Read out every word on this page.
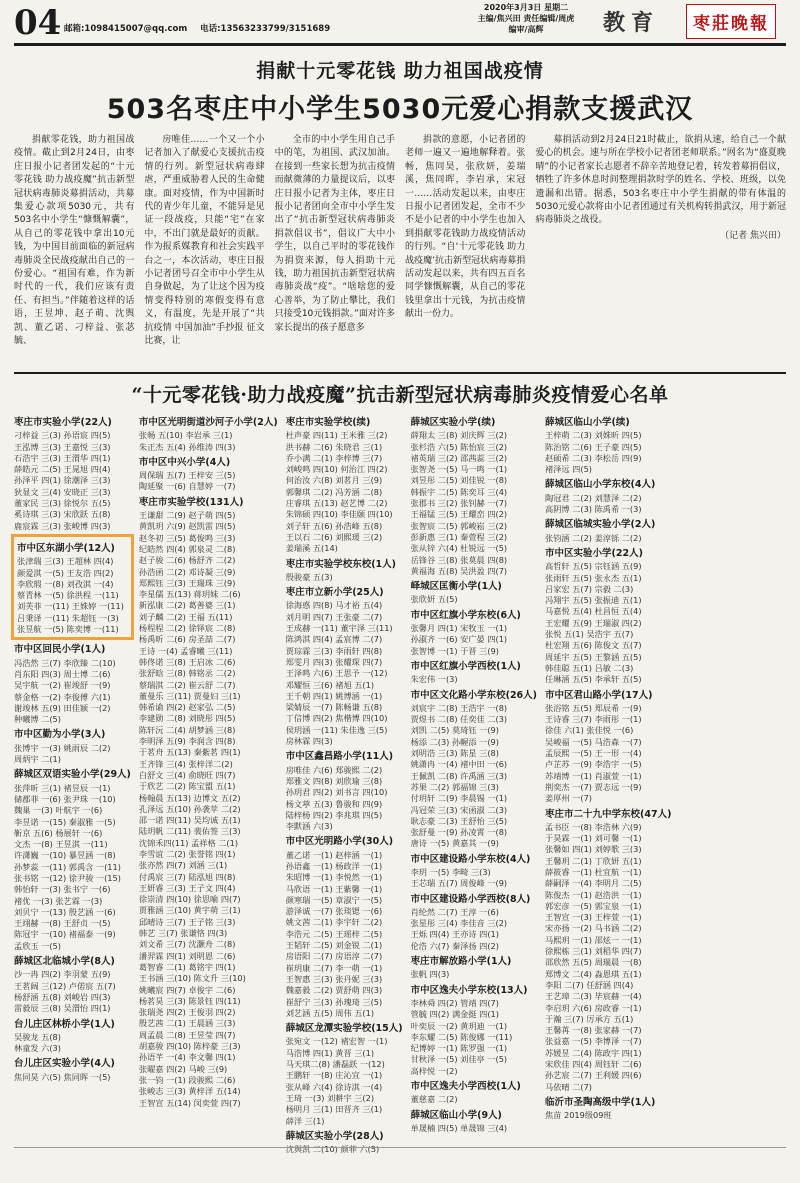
04 邮箱:1098415007@qq.com 电话:13563233799/3151689
2020年3月3日 星期二
主编/焦兴田 责任编辑/周虎
编审/高辉	教育	枣莊晚報
捐献十元零花钱 助力祖国战疫情
503名枣庄中小学生5030元爱心捐款支援武汉

捐献零花钱，助力祖国战疫情。截止到2月24日，由枣庄日报小记者团发起的“十元零花钱 助力战疫魔”抗击新型冠状病毒肺炎募捐活动，共募集爱心款项5030元，共有503名中小学生“慷慨解囊”，从自己的零花钱中拿出10元钱，为中国目前面临的新冠病毒肺炎全民战疫献出自己的一份爱心。“祖国有难，作为新时代的一代，我们应该有责任、有担当。”伴随着这样的话语，王昱坤、赵子萌、沈舆凯、董乙诺、刁梓益、张苾毓、

房唯佳……一个又一个小记者加入了献爱心支援抗击疫情的行列。新型冠状病毒肆虐，严重威胁着人民的生命健康。面对疫情，作为中国新时代的青少年儿童，不能异是见证一段战疫，只能“宅”在家中，不出门就是最好的贡献。作为报系媒教育和社会实践平台之一，本次活动，枣庄日报小记者团号召全市中小学生从自身做起，为了让这个因为疫情变得特别的寒假变得有意义，有温度，先是开展了“共抗疫情 中国加油”手抄报 征文比赛，让

全市的中小学生用自己手中的笔，为祖国、武汉加油。在接到一些家长想为抗击疫情而献微薄的力量提议后，以枣庄日报小记者为主体，枣庄日报小记者团向全市中小学生发出了“抗击新型冠状病毒肺炎捐款倡议书”，倡议广大中小学生，以自己平时的零花钱作为捐资来源，每人捐助十元钱，助力祖国抗击新型冠状病毒肺炎战“疫”。“啥啥您的爱心善举，为了防止攀比，我们只接受10元钱捐款。”面对许多家长提出的孩子愿意多

捐款的意愿，小记者团的老师一遍又一遍地解释着。张畅，焦同昊，张欣妍，姜瑞溪，焦同晖，李岩承，宋冠一……活动发起以来，由枣庄日报小记者团发起，全市不少不是小记者的中小学生也加入到捐献零花钱助力战疫情活动的行列。“自‘十元零花钱 助力战疫魔’抗击新型冠状病毒募捐活动发起以来，共有四五百名同学慷慨解囊，从自己的零花钱里拿出十元钱，为抗击疫情献出一份力。

募捐活动到2月24日21时截止，欲捐从速，给自己一个献爱心的机会。速与所在学校小记者团老师联系。”网名为“盛夏晚晴”的小记者家长志愿者不辞辛苦地登记着，转发着募捐倡议，牺牲了许多休息时间整理捐款时学的姓名、学校、班级，以免遗漏和出错。据悉，503名枣庄中小学生捐献的带有体温的5030元爱心款将由小记者团通过有关机构转捐武汉，用于新冠病毒肺炎之战役。

（记者 焦兴田）
“十元零花钱·助力战疫魔”抗击新型冠状病毒肺炎疫情爱心名单
枣庄市实验小学(22人)
刁梓益 三(3) 孙语宸 四(5)
王泓博 三(3) 王嘉悦 三(3)
石浩宇 三(3) 王渭华 四(1)
薛皓元 二(5) 王晁旭 四(4)
孙泽平 四(1) 徐潮泽 三(3)
狄显文 三(4) 安晓正 三(3)
董家民 三(3) 徐悦尔 五(5)
奚诗琪 三(3) 宋欣跃 五(8)
鹿宸霖 三(3) 张峻博 四(3)
市中区东湖小学(12人)
张津瑞 三(3) 王超林 四(4)
颜爱淇 一(5) 王友浩 四(2)
李欣瑕 一(8) 刘孜淇 一(4)
蔡青林 一(5) 徐洪程 一(11)
刘芙菲 一(11) 王姝婷 一(11)
吕秉译 一(11) 朱超钰 一(3)
张昱航 一(5) 陈奕博 一(11)
市中区回民小学(1人)
冯浩然 三(7) 李欣臻 二(10)
肖东阳 四(3) 周士博 二(6)
吴宇航 一(2) 崔竣舒 一(9)
蔡金格 一(2) 李俊傅 六(1)
谢竣林 五(9) 田佳颖 一(2)
种曦博 二(5)
市中区勤为小学(3人)
张博宇 一(3) 姚雨辰 二(2)
周炳宇 二(1)
薛城区双语实验小学(29人)
张萍昕 三(1) 褚昱辰 一(1)
储郡菲 一(6) 张尹珠 一(10)
魏巢 一(3) 叶航宇 一(6)
李昱诺 一(15) 秦淑雅 一(5)
靳京 五(6) 杨展轩 一(6)
文杰 一(8) 王昱淇 一(11)
许潇巍 一(10) 暴昱涵 一(8)
孙梦蕊 一(11) 郭禹含 一(11)
张书铭 一(12) 徐尹骏 一(15)
韩怡轩 一(3) 张书宁 一(6)
褚优 一(3) 张艺霖 一(3)
刘贝宁 一(13) 殷艺涵 一(6)
王翊赫 一(8) 王舒贞 一(5)
陈冠宇 一(10) 褚福泰 一(9)
孟欣玉 一(5)
薛城区北临城小学(8人)
沙一冉 四(2) 李羽蒙 五(9)
王茗阔 三(12) 卢偌宸 五(7)
杨舒涵 五(8) 刘峻岩 四(3)
雷毅辰 三(8) 吴渭怡 四(1)
台儿庄区林桥小学(1人)
吴骏龙 五(8)
林童发 六(3)
台儿庄区实验小学(4人)
焦同昊 六(5) 焦同晖 一(5)
市中区光明街道沙河子小学(2人)
张畅 五(10) 李岩承 三(1)
朱正杰 五(4) 孙维涛 四(3)
市中区中兴小学(4人)
周保瑞 五(7) 王梓安 三(5)
陶延聚 一(6) 自慧婷 一(7)
枣庄市实验学校(131人)
王谦甜 二(9) 赵子萌 四(5)
黄凯玥 六(9) 赵凯雷 四(5)
赵冬初 三(5) 葛俊鸣 三(3)
纪皓然 四(4) 郭泉灵 二(8)
赵子骏 二(6) 杨舒齐 二(2)
孙浩函 二(2) 邓诗凝 三(9)
郑熙钰 三(3) 王瑞珠 三(9)
李星儒 五(13) 蒋玥妹 二(6)
新泓康 二(2) 葛善婆 三(1)
刘子麟 二(2) 王福 五(11)
杨程程 二(2) 徐铎宸 二(8)
杨禹昕 二(6) 房圣喆 二(7)
王诗 一(4) 孟睿曦 三(11)
韩佟诺 三(8) 王启冰 二(6)
张舒晗 三(8) 韩铭丞 二(2)
蔡瑞淇 二(2) 崔云舒 二(7)
董曼乐 三(11) 贾曼妇 三(1)
韩希谕 四(2) 赵家弘 二(5)
李建勋 二(8) 刘晓彤 四(5)
陈轩沅 二(4) 胡梦涵 三(8)
李明泽 五(9) 李润含 四(8)
于茗舟 五(13) 秦紫茗 四(1)
王齐锋 三(4) 张梓洋二(2)
白舒文 三(4) 俞晓旺 四(7)
于欣艺 二(2) 陈宝盟 五(1)
杨翰晨 五(13) 边博文 五(2)
孔泽远 五(10) 孙袭苹 二(2)
邵一诺 四(11) 吴均诚 五(1)
陆玥帆 二(11) 裴佑签 三(3)
沈锦禾四(11) 孟祥格 二(1)
李雪谊 二(2) 张誉铭 四(1)
张亦然 四(7) 刘涵 三(1)
付禹宸 三(7) 陆泓旭 四(8)
王妍睿 三(3) 王子文 四(4)
徐崇清 四(10) 徐思喻 四(7)
贾雅涵 三(10) 黄宇萌 三(1)
邱晴诗 三(7) 王子铭 三(3)
韩艺 三(7) 张谦恪 四(3)
刘文希 三(7) 沈灏舟 二(8)
潘羿霖 四(1) 刘明恩 二(6)
葛智睿 二(1) 葛铭宇 四(1)
王书涵 三(10) 陈文升 三(10)
姚曦宸 四(7) 卓俊宇 二(6)
杨茗昊 三(3) 陈景钰 四(11)
张瑞尧 四(2) 王俊羽 四(2)
殷艺茜 二(1) 王晨涵 三(3)
周孟晨 二(8) 王昱莹 四(7)
胡嘉骏 四(10) 陈梓豪 三(3)
孙语芊 一(4) 李文馨 四(1)
张曜嘉 四(2) 马峻 三(9)
张一钧 一(1) 段骏熙 二(6)
张峻志 三(3) 黄梓洋 五(14)
王智宣 五(14) 闵奕萱 四(7)
枣庄市实验学校(续)
杜声豪 四(11) 王米雅 三(2)
洪书赫 二(6) 朱晓君 三(1)
乔小满 二(1) 李梓博 三(7)
刘峻鸣 四(10) 何治江 四(2)
何治汝 六(8) 刘茗月 三(9)
郭馨琪 二(2) 冯芳涵 二(8)
庄睿琪 五(13) 赵艺博 二(2)
朱锦硕 四(10) 李佳颐 四(10)
刘子轩 五(6) 孙浩峰 五(8)
王以石 二(6) 刘熙瑗 三(2)
姜瑞溪 五(14)
枣庄市实验学校东校(1人)
殷骏豪 五(3)
枣庄市立新小学(25人)
徐海惑 四(8) 马才裕 五(4)
刘月明 四(7) 王张豪 二(7)
王成赫 一(11) 董宇泽 三(11)
陈鸿淇 四(4) 孟宸博 二(7)
贾琮霖 三(3) 李雨轩 四(8)
郑雯月 四(3) 张耀琛 四(7)
王泽鸣 六(6) 王思予 一(12)
邓耀恒 三(6) 褚旭 五(1)
王千朝 四(1) 姚博涵 一(1)
梁婧辰 一(7) 陈畅谦 五(8)
丁信博 四(2) 焦楷博 四(10)
侯玥涵 一(11) 朱佳逸 三(5)
房林霖 四(3)
市中区鑫昌路小学(11人)
房唯佳 六(6) 郑骏熙 二(2)
郑雅文 四(8) 刘欣瑜 三(8)
孙玥君 四(2) 刘书言 四(10)
杨文葶 五(3) 鲁骏和 四(9)
陆梓杨 四(2) 李兆琪 四(5)
李默涵 六(3)
市中区光明路小学(30人)
董乙诺 一(1) 赵梓涵 一(1)
孙语鑫 一(1) 杨政洋 一(1)
朱昭博 一(1) 李悦然 一(1)
马欣语 一(1) 王紫馨 一(1)
颜寒瑞 一(5) 章淑宁 一(5)
游泽诚 一(7) 张琰锶 一(6)
姚文茜 二(1) 李宇轩 二(2)
李浩元 二(5) 王瑶梓 二(5)
王韬轩 二(5) 刘金锐 二(1)
房语阳 二(7) 房语淳 二(7)
崔玥康 二(7) 李一萌 一(1)
王智惠 三(3) 张丹妮 三(3)
魏嘉毅 二(2) 贾舒萌 四(3)
崔舒宁 三(3) 孙瑰琦 三(5)
刘艺涵 五(5) 周伟 五(1)
薛城区龙潭实验学校(15人)
张宛文 一(12) 褚宏智 一(1)
马浩博 四(1) 黄晋 三(1)
马天琪二(8) 潘磊跃 一(12)
王鹏轩 一(8) 庄沁宜 一(1)
张从峰 六(4) 徐诗淇 一(4)
王琦 一(3) 刘耕宇 三(2)
杨明月 三(1) 田晋齐 三(1)
薛洋 三(1)
薛城区实验小学(28人)
沈舆凯 二(10) 颜菲 六(5)
薛城区实验小学(续)
薛翔太 三(8) 刘庆辉 三(2)
张杉浩 六(5) 陈怡宸 三(2)
褚英瑞 三(2) 邵茜蕊 三(2)
张智尧 一(5) 马一鸣 一(1)
刘昱彤 二(5) 刘佳锐 一(8)
韩振宇 二(5) 陈奕耳 三(4)
张郡书 三(2) 张钊赫 一(7)
王福锰 三(5) 王耀峦 四(2)
张智宸 二(5) 郭峻崧 三(2)
彭新惠 三(1) 秦萱程 三(2)
张从锌 六(4) 杜锐远 一(5)
岳锋谷 三(8) 张莫晨 四(8)
黄福海 五(8) 吴洪盈 四(7)
峄城区匡衡小学(1人)
张欣妍 五(5)
市中区红旗小学东校(6人)
张馨月 四(1) 宋牧玉 一(1)
孙淑齐 一(6) 安广晏 四(1)
张智博 一(1) 于晋 三(9)
市中区红旗小学西校(1人)
朱宏伟 一(3)
市中区文化路小学东校(26人)
刘宸宇 二(8) 王浩宇 一(8)
贾煜书 二(8) 任奕佳 二(3)
刘凯 二(5) 莫琦钰 一(9)
杨添 二(3) 孙幄添 一(9)
刘明浩 三(3) 陈星 三(8)
姚潇冉 一(4) 褚中田 一(6)
王佩凯 二(8) 许禹涵 三(3)
苏果 二(2) 郭福锦 三(3)
付玥轩 二(9) 李晨锡 一(1)
冯冠荣 三(3) 宋函淑 二(3)
耿志豪 二(3) 王舒怡 三(5)
张舒曼 一(9) 孙凌霄 一(8)
唐诗 一(5) 黄嘉其 一(9)
市中区建设路小学东校(4人)
李玥 一(5) 李畸 三(3)
王芯瑞 五(7) 周俊峰 一(9)
市中区建设路小学西校(8人)
肖纶然 二(7) 王淳 一(6)
张星彤 三(4) 李佳音 三(2)
王烁 四(4) 王亦诗 四(1)
伦浩 六(7) 秦泽扬 四(2)
枣庄市解放路小学(1人)
张帆 四(3)
市中区逸夫小学东校(13人)
李林舜 四(2) 管靖 四(7)
管毓 四(2) 满金挺 四(1)
叶奕辰 一(2) 黄玥迪 一(1)
李东耀 二(5) 陈俊娜 一(11)
纪博婷 一(1) 陈罗强 一(1)
甘秋泽 一(5) 刘佳亭 一(5)
高梓悦 一(2)
市中区逸夫小学西校(1人)
董慈嘉 二(2)
薛城区临山小学(9人)
单晟楠 四(5) 单晟锦 三(4)
薛城区临山小学(续)
王梓萌 二(3) 刘姝昕 四(5)
陈治铭 二(6) 王子豪 四(5)
赵硕希 二(3) 李松岳 四(9)
褚泽远 四(5)
薛城区临山小学东校(4人)
陶冠君 二(2) 刘慧泽 二(2)
高阴博 二(3) 陈禹希 一(3)
薛城区临城实验小学(2人)
张钧涵 二(2) 姜淳铄 二(2)
市中区实验小学(22人)
高哲轩 五(5) 宗钰涵 五(9)
张雨轩 五(5) 张永杰 五(1)
吕家宏 五(7) 宗毅 二(3)
冯翔宇 五(5) 张振迪 五(1)
马嘉悦 五(4) 杜昌恒 五(4)
王宏耀 五(9) 王瑞淑 四(2)
张悦 五(1) 吴浩宇 五(7)
杜宏翔 五(6) 陈俊文 五(7)
周延宇 五(5) 王黎涵 五(5)
韩佳聪 五(1) 吕敏 二(3)
任琳涵 五(5) 李承轩 五(5)
市中区君山路小学(17人)
张浴铭 五(5) 郑辰希 一(9)
王诗睿 三(7) 李雨彤 一(1)
徐佳 六(1) 张佳悦 一(6)
吴峻福 一(5) 马浩森 一(7)
孟辰熙 一(5) 王一形 一(4)
卢芷苏 一(9) 李浩宇 一(5)
苏靖博 一(1) 肖淑萱 一(1)
荆奕杰 一(7) 贾志远 一(9)
姜厚州 一(7)
枣庄市二十九中学东校(47人)
孟书臣 一(8) 李浩林 六(9)
于昊霖 一(1) 刘可馨 一(1)
张馨如 四(1) 刘婷歌 三(3)
王馨玥 二(1) 丁欣妍 五(1)
薛筱睿 一(1) 杜宜航 一(1)
薛嗣泽 一(4) 李明月 二(5)
陈俊杰 一(1) 赵浩洪 一(1)
郭宏彦 一(5) 郭宝泉 一(1)
王智宣 一(3) 王梓萱 一(1)
宋亦扬 一(2) 马书涵 二(2)
马熙玥 一(1) 邵炫一 一(1)
徐熙栋 三(1) 刘稻华 四(7)
邵欣然 五(5) 周瑞晨 一(8)
郑博文 二(4) 淼恩琪 五(1)
李阳 二(7) 任舒涵 四(4)
王艺璋 二(3) 毕宸赫 一(4)
李启玥 六(6) 房政睿 一(1)
于瀚 三(7) 厉承方 五(1)
王馨苒 一(8) 张家赫 一(7)
张益嘉 一(5) 李博泽 一(7)
苏媛昱 二(4) 陈政宇 四(1)
宋欣佳 四(4) 周钰轩 二(6)
孙艺宸 二(7) 王利媛 四(6)
马依晴 二(7)
临沂市圣陶高级中学(1人)
焦苗 2019级09班
